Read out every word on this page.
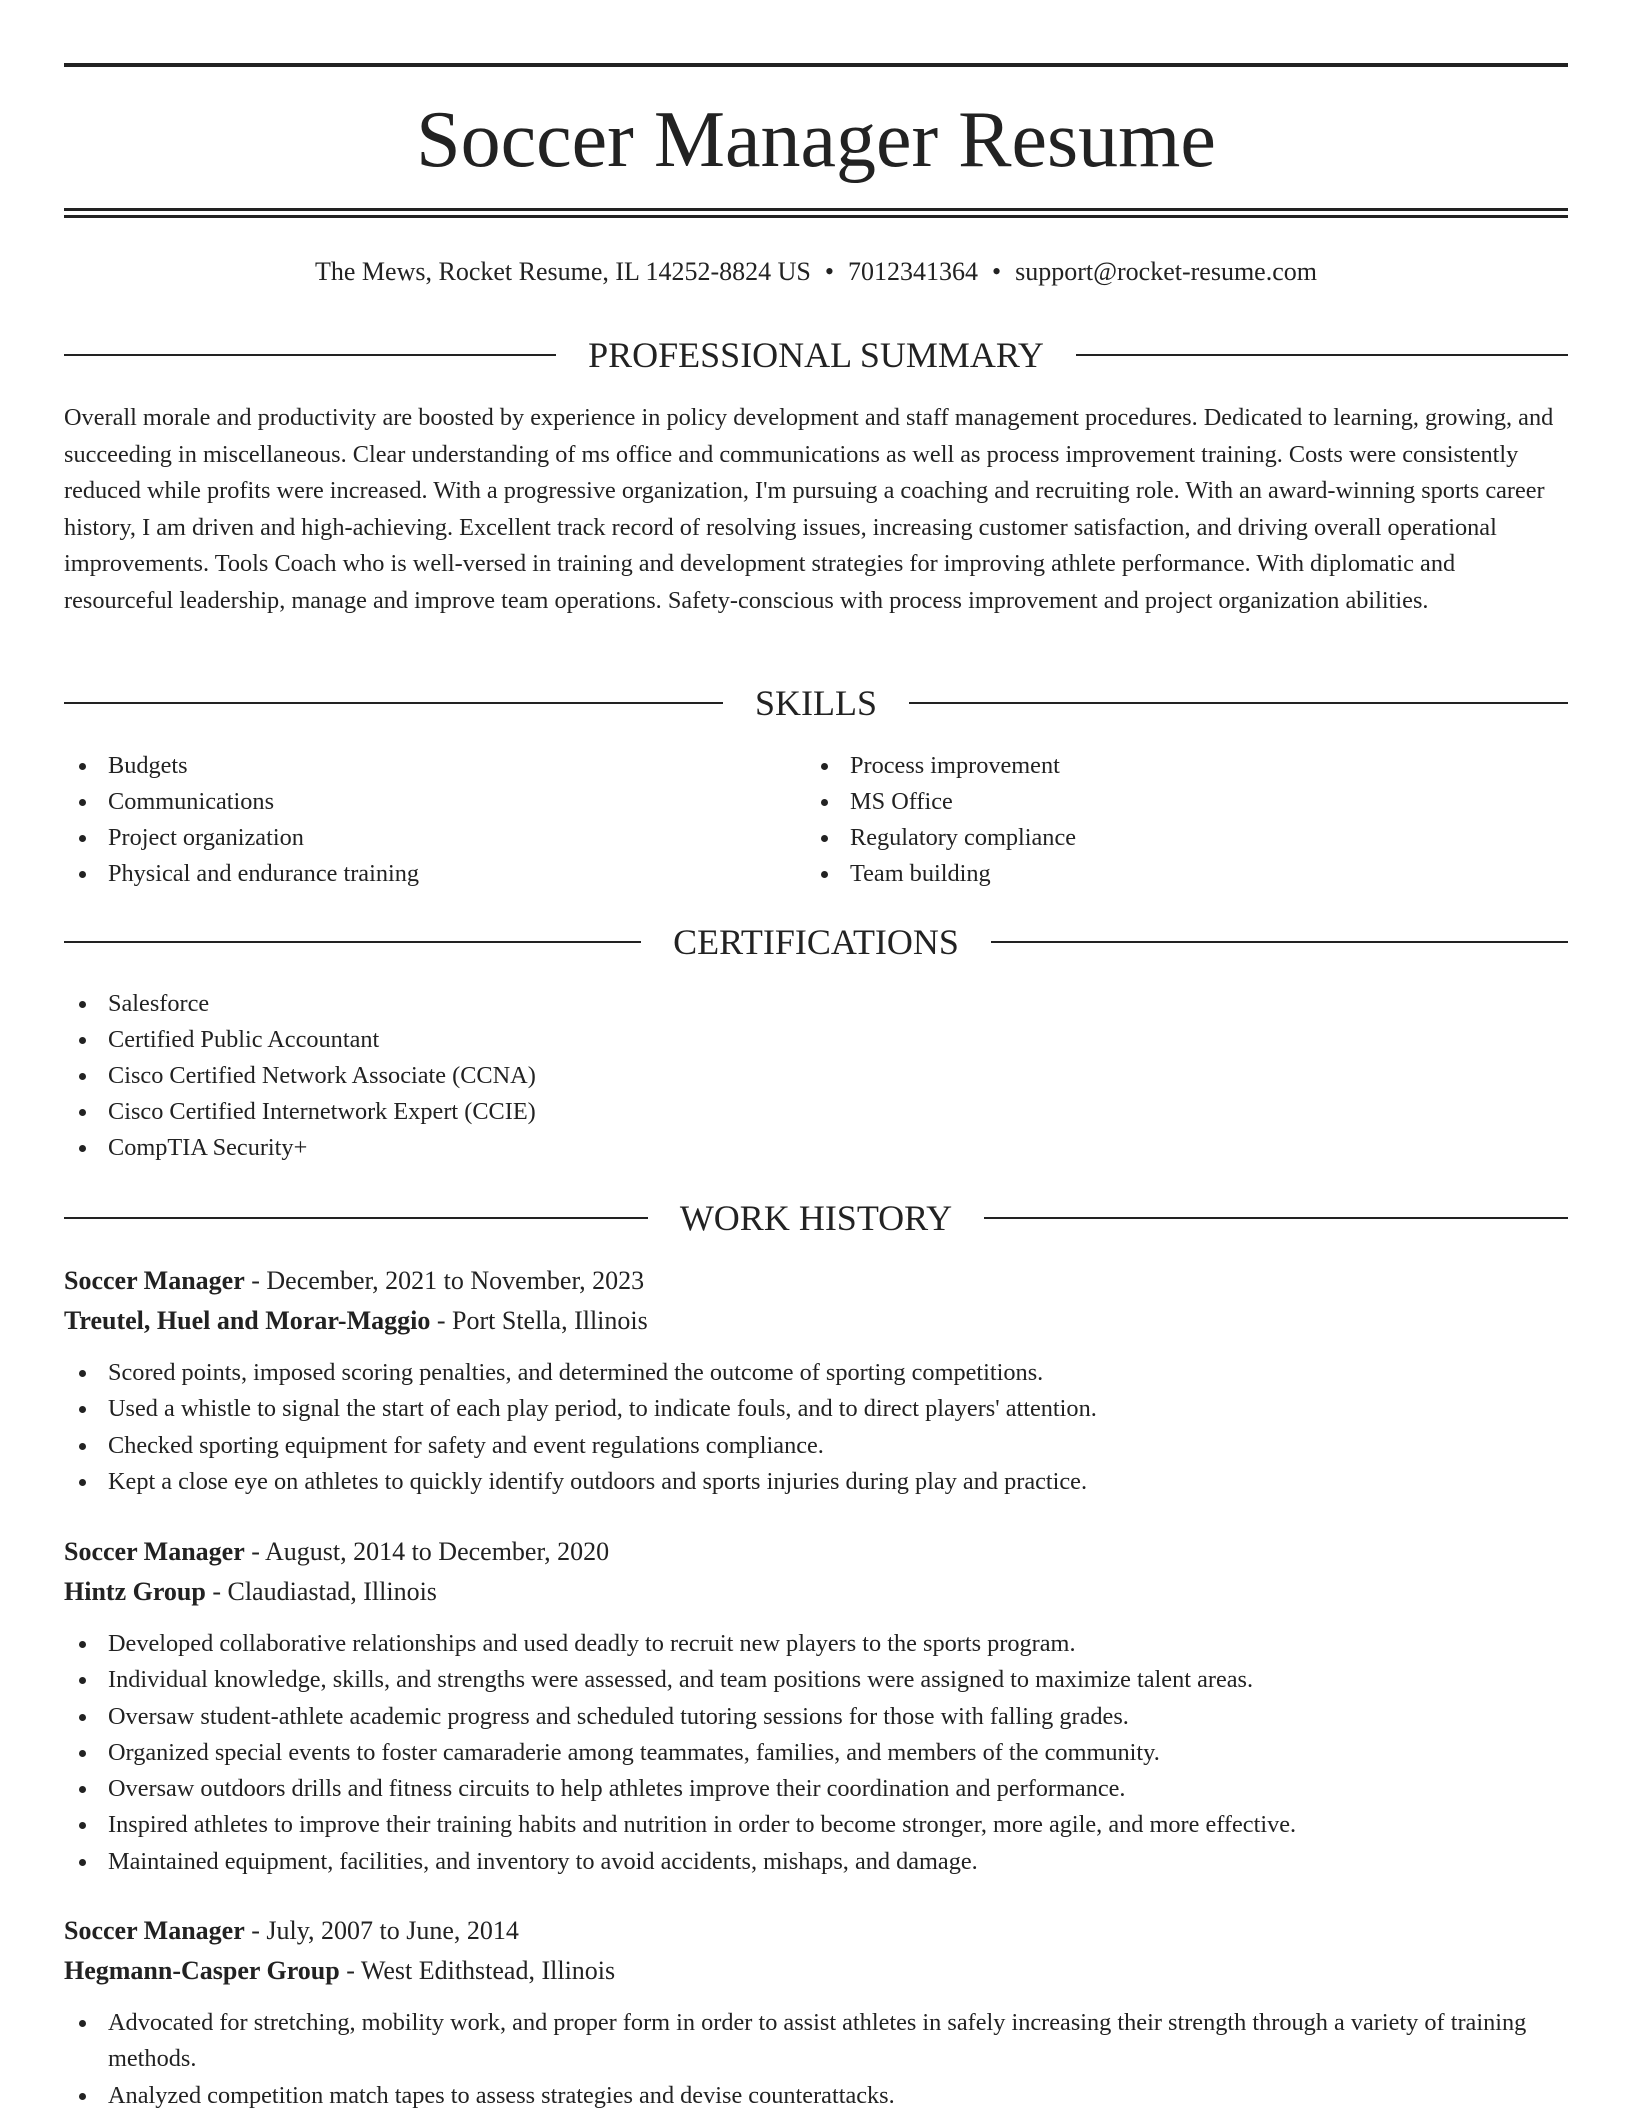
Soccer Manager Resume
The Mews, Rocket Resume, IL 14252-8824 US • 7012341364 • support@rocket-resume.com
PROFESSIONAL SUMMARY

Overall morale and productivity are boosted by experience in policy development and staff management procedures. Dedicated to learning, growing, and succeeding in miscellaneous. Clear understanding of ms office and communications as well as process improvement training. Costs were consistently reduced while profits were increased. With a progressive organization, I'm pursuing a coaching and recruiting role. With an award-winning sports career history, I am driven and high-achieving. Excellent track record of resolving issues, increasing customer satisfaction, and driving overall operational improvements. Tools Coach who is well-versed in training and development strategies for improving athlete performance. With diplomatic and resourceful leadership, manage and improve team operations. Safety-conscious with process improvement and project organization abilities.

SKILLS
Budgets
Communications
Project organization
Physical and endurance training
Process improvement
MS Office
Regulatory compliance
Team building
CERTIFICATIONS
Salesforce
Certified Public Accountant
Cisco Certified Network Associate (CCNA)
Cisco Certified Internetwork Expert (CCIE)
CompTIA Security+
WORK HISTORY
Soccer Manager - December, 2021 to November, 2023
Treutel, Huel and Morar-Maggio - Port Stella, Illinois
Scored points, imposed scoring penalties, and determined the outcome of sporting competitions.
Used a whistle to signal the start of each play period, to indicate fouls, and to direct players' attention.
Checked sporting equipment for safety and event regulations compliance.
Kept a close eye on athletes to quickly identify outdoors and sports injuries during play and practice.
Soccer Manager - August, 2014 to December, 2020
Hintz Group - Claudiastad, Illinois
Developed collaborative relationships and used deadly to recruit new players to the sports program.
Individual knowledge, skills, and strengths were assessed, and team positions were assigned to maximize talent areas.
Oversaw student-athlete academic progress and scheduled tutoring sessions for those with falling grades.
Organized special events to foster camaraderie among teammates, families, and members of the community.
Oversaw outdoors drills and fitness circuits to help athletes improve their coordination and performance.
Inspired athletes to improve their training habits and nutrition in order to become stronger, more agile, and more effective.
Maintained equipment, facilities, and inventory to avoid accidents, mishaps, and damage.
Soccer Manager - July, 2007 to June, 2014
Hegmann-Casper Group - West Edithstead, Illinois
Advocated for stretching, mobility work, and proper form in order to assist athletes in safely increasing their strength through a variety of training methods.
Analyzed competition match tapes to assess strategies and devise counterattacks.
